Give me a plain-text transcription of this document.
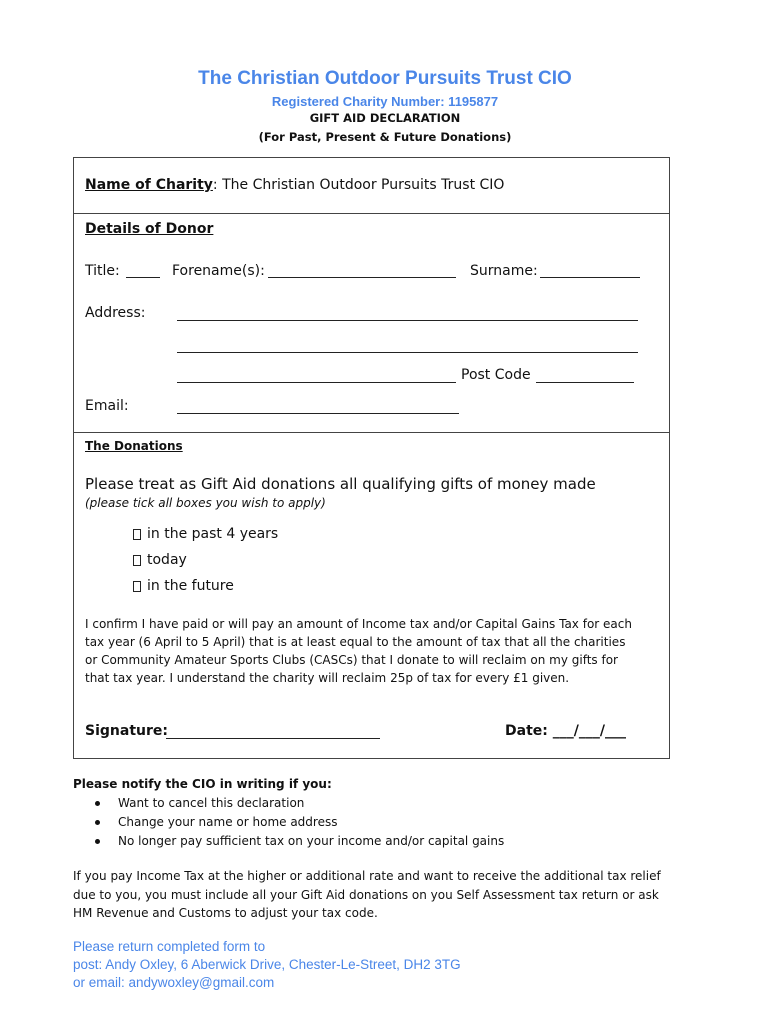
The Christian Outdoor Pursuits Trust CIO
Registered Charity Number: 1195877
GIFT AID DECLARATION
(For Past, Present & Future Donations)
Name of Charity: The Christian Outdoor Pursuits Trust CIO
Details of Donor
Title:	Forename(s):	Surname:
Address:
Post Code
Email:
The Donations
Please treat as Gift Aid donations all qualifying gifts of money made
(please tick all boxes you wish to apply)
in the past 4 years
today
in the future
I confirm I have paid or will pay an amount of Income tax and/or Capital Gains Tax for each
tax year (6 April to 5 April) that is at least equal to the amount of tax that all the charities
or Community Amateur Sports Clubs (CASCs) that I donate to will reclaim on my gifts for
that tax year. I understand the charity will reclaim 25p of tax for every £1 given.
Signature:	Date: ___/___/___
Please notify the CIO in writing if you:
Want to cancel this declaration
Change your name or home address
No longer pay sufficient tax on your income and/or capital gains
If you pay Income Tax at the higher or additional rate and want to receive the additional tax relief
due to you, you must include all your Gift Aid donations on you Self Assessment tax return or ask
HM Revenue and Customs to adjust your tax code.
Please return completed form to
post: Andy Oxley, 6 Aberwick Drive, Chester-Le-Street, DH2 3TG
or email: andywoxley@gmail.com
